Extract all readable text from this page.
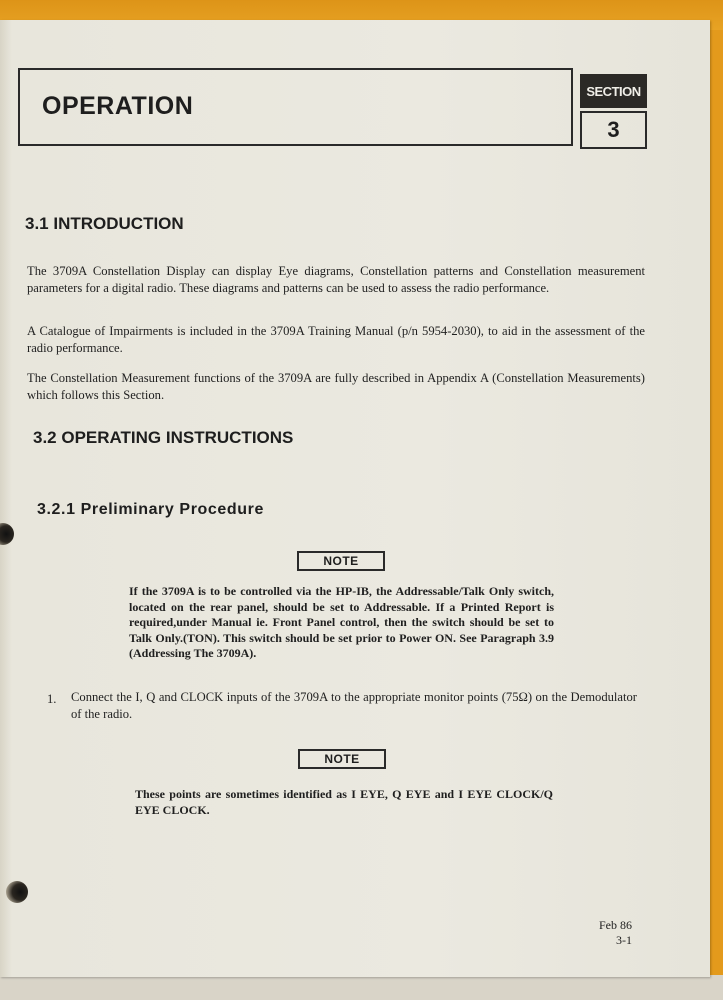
OPERATION
SECTION
3
3.1 INTRODUCTION
The 3709A Constellation Display can display Eye diagrams, Constellation patterns and Constellation measurement parameters for a digital radio. These diagrams and patterns can be used to assess the radio performance.
A Catalogue of Impairments is included in the 3709A Training Manual (p/n 5954-2030), to aid in the assessment of the radio performance.
The Constellation Measurement functions of the 3709A are fully described in Appendix A (Constellation Measurements) which follows this Section.
3.2 OPERATING INSTRUCTIONS
3.2.1 Preliminary Procedure
NOTE
If the 3709A is to be controlled via the HP-IB, the Addressable/Talk Only switch, located on the rear panel, should be set to Addressable. If a Printed Report is required,under Manual ie. Front Panel control, then the switch should be set to Talk Only.(TON). This switch should be set prior to Power ON. See Paragraph 3.9 (Addressing The 3709A).
1. Connect the I, Q and CLOCK inputs of the 3709A to the appropriate monitor points (75Ω) on the Demodulator of the radio.
NOTE
These points are sometimes identified as I EYE, Q EYE and I EYE CLOCK/Q EYE CLOCK.
Feb 86
3-1
